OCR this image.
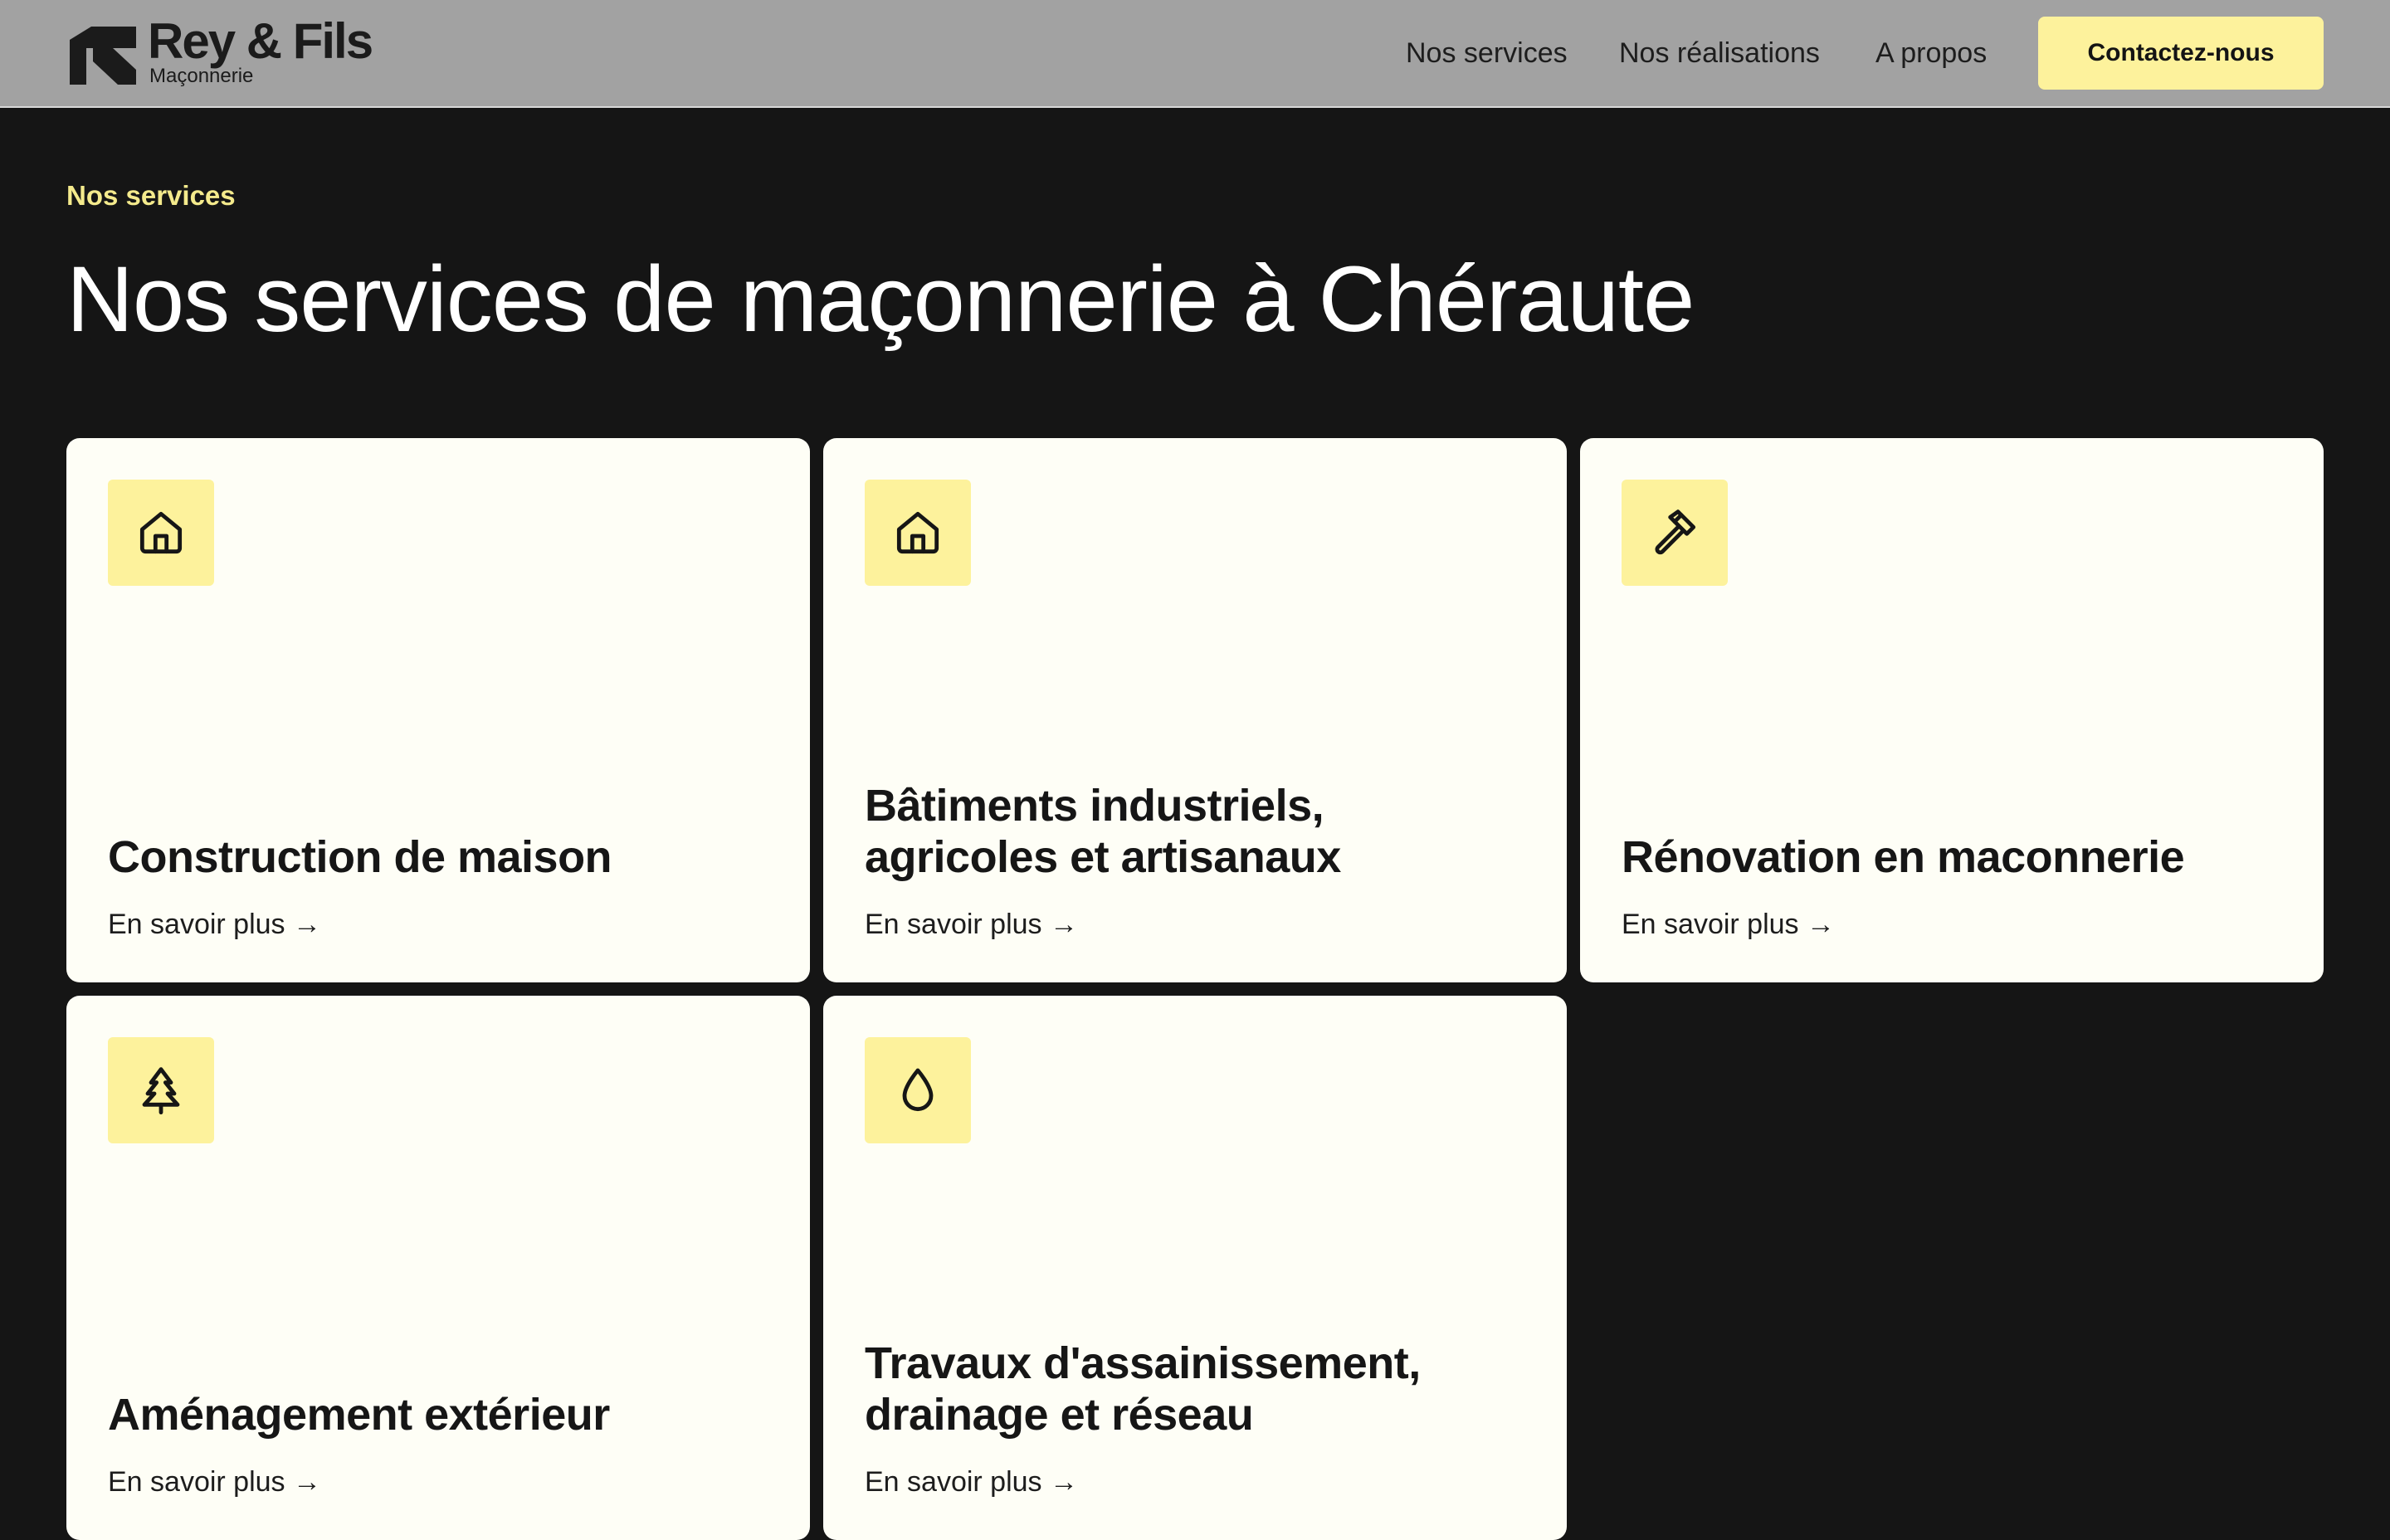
Rey & Fils
Maçonnerie
Nos services Nos réalisations A propos	Contactez-nous
Nos services
Nos services de maçonnerie à Chéraute
Construction de maison
En savoir plus →
Bâtiments industriels, agricoles et artisanaux
En savoir plus →
Rénovation en maconnerie
En savoir plus →
Aménagement extérieur
En savoir plus →
Travaux d'assainissement, drainage et réseau
En savoir plus →
